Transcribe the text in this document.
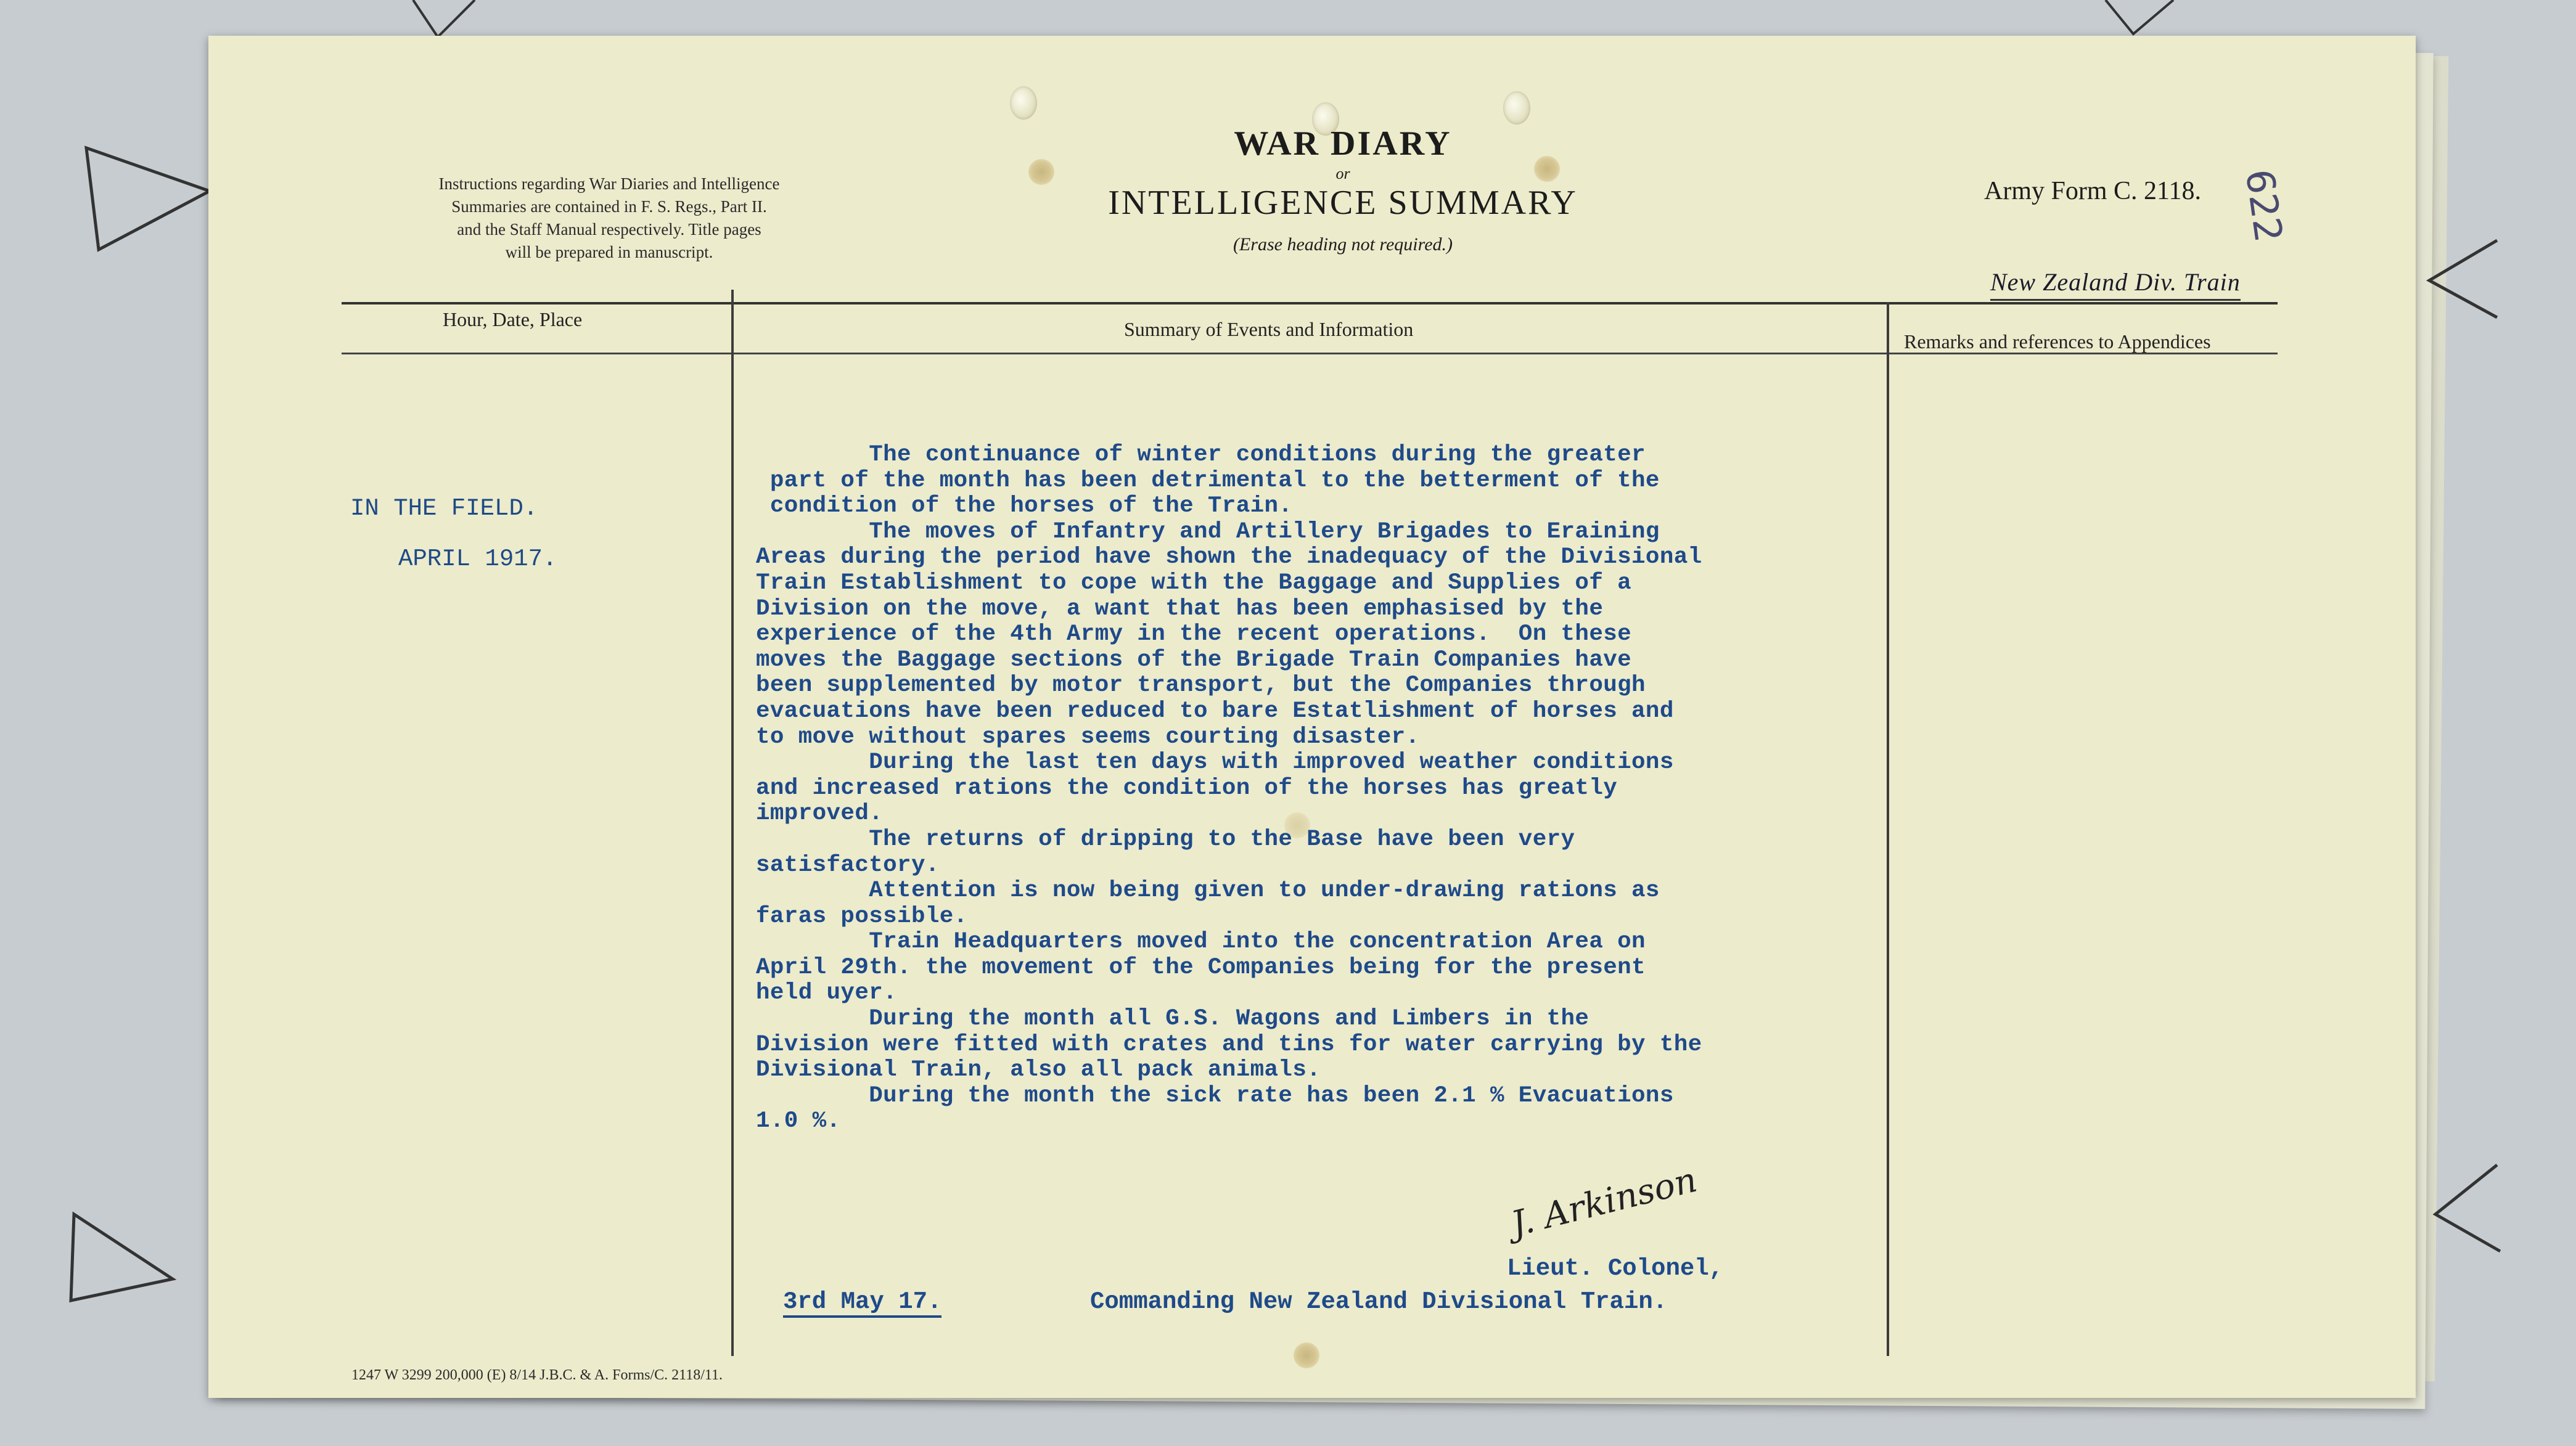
Instructions regarding War Diaries and Intelligence
Summaries are contained in F. S. Regs., Part II.
and the Staff Manual respectively. Title pages
will be prepared in manuscript.
WAR DIARY
or
INTELLIGENCE SUMMARY
(Erase heading not required.)
Army Form C. 2118.
New Zealand Div. Train
622
Hour, Date, Place	Summary of Events and Information
Remarks and references to Appendices
IN THE FIELD.
APRIL 1917.
The continuance of winter conditions during the greater
part of the month has been detrimental to the betterment of the
condition of the horses of the Train.
The moves of Infantry and Artillery Brigades to Eraining
Areas during the period have shown the inadequacy of the Divisional
Train Establishment to cope with the Baggage and Supplies of a
Division on the move, a want that has been emphasised by the
experience of the 4th Army in the recent operations.  On these
moves the Baggage sections of the Brigade Train Companies have
been supplemented by motor transport, but the Companies through
evacuations have been reduced to bare Estatlishment of horses and
to move without spares seems courting disaster.
During the last ten days with improved weather conditions
and increased rations the condition of the horses has greatly
improved.
The returns of dripping to the Base have been very
satisfactory.
Attention is now being given to under-drawing rations as
faras possible.
Train Headquarters moved into the concentration Area on
April 29th. the movement of the Companies being for the present
held uyer.
During the month all G.S. Wagons and Limbers in the
Division were fitted with crates and tins for water carrying by the
Divisional Train, also all pack animals.
During the month the sick rate has been 2.1 % Evacuations
1.0 %.
J. Arkinson
Lieut. Colonel,
3rd May 17.	Commanding New Zealand Divisional Train.
1247 W 3299 200,000 (E) 8/14 J.B.C. & A. Forms/C. 2118/11.
